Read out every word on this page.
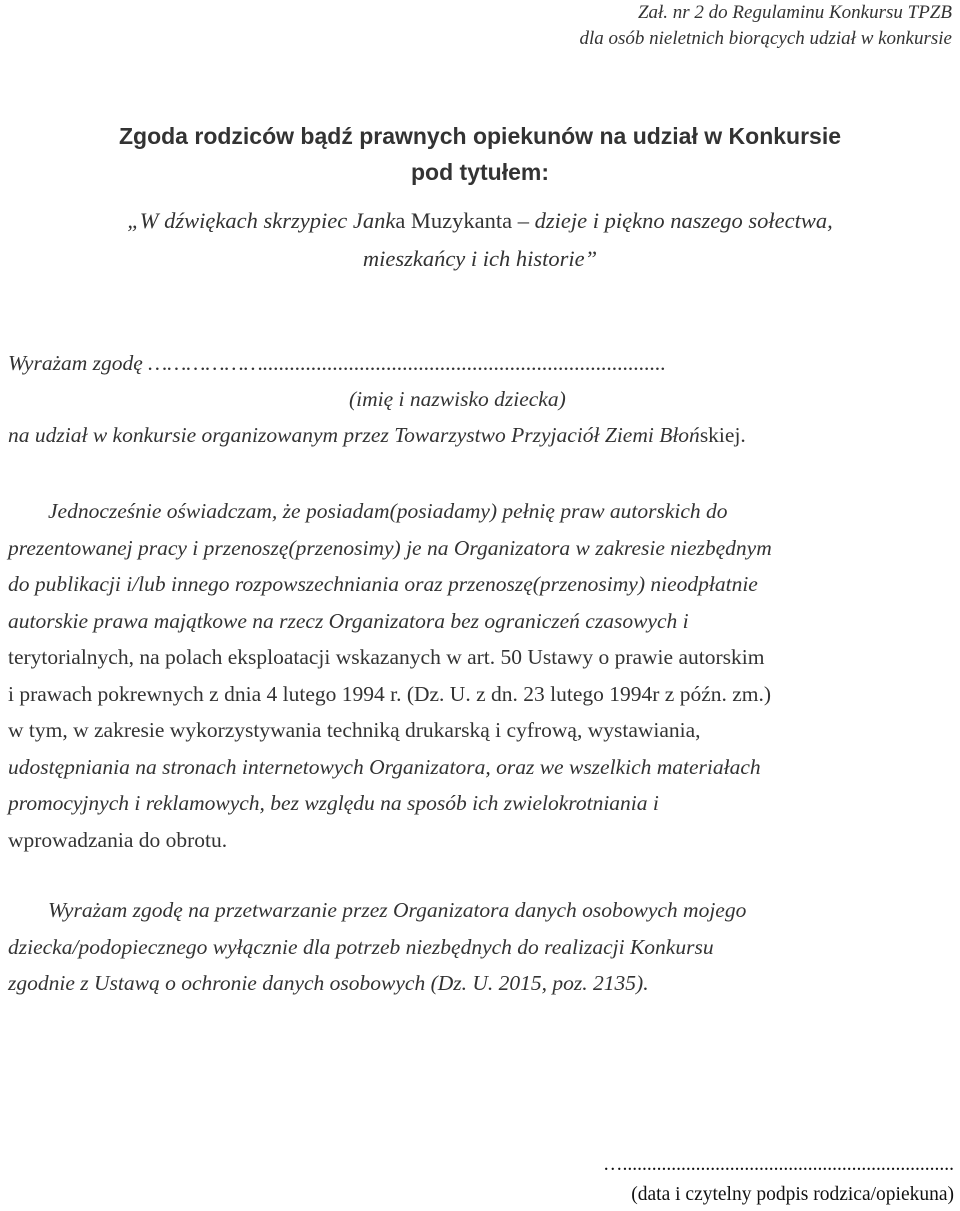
Zał. nr 2 do Regulaminu Konkursu TPZB
dla osób nieletnich biorących udział w konkursie
Zgoda rodziców bądź prawnych opiekunów na udział w Konkursie
pod tytułem:
„W dźwiękach skrzypiec Janka Muzykanta – dzieje i piękno naszego sołectwa,
mieszkańcy i ich historie”
Wyrażam zgodę ………………...........................................................................
(imię i nazwisko dziecka)
na udział w konkursie organizowanym przez Towarzystwo Przyjaciół Ziemi Błońskiej.
Jednocześnie oświadczam, że posiadam(posiadamy) pełnię praw autorskich do
prezentowanej pracy i przenoszę(przenosimy) je na Organizatora w zakresie niezbędnym
do publikacji i/lub innego rozpowszechniania oraz przenoszę(przenosimy) nieodpłatnie
autorskie prawa majątkowe na rzecz Organizatora bez ograniczeń czasowych i
terytorialnych, na polach eksploatacji wskazanych w art. 50 Ustawy o prawie autorskim
i prawach pokrewnych z dnia 4 lutego 1994 r. (Dz. U. z dn. 23 lutego 1994r z późn. zm.)
w tym, w zakresie wykorzystywania techniką drukarską i cyfrową, wystawiania,
udostępniania na stronach internetowych Organizatora, oraz we wszelkich materiałach
promocyjnych i reklamowych, bez względu na sposób ich zwielokrotniania i
wprowadzania do obrotu.
Wyrażam zgodę na przetwarzanie przez Organizatora danych osobowych mojego
dziecka/podopiecznego wyłącznie dla potrzeb niezbędnych do realizacji Konkursu
zgodnie z Ustawą o ochronie danych osobowych (Dz. U. 2015, poz. 2135).
…....................................................................
(data i czytelny podpis rodzica/opiekuna)
